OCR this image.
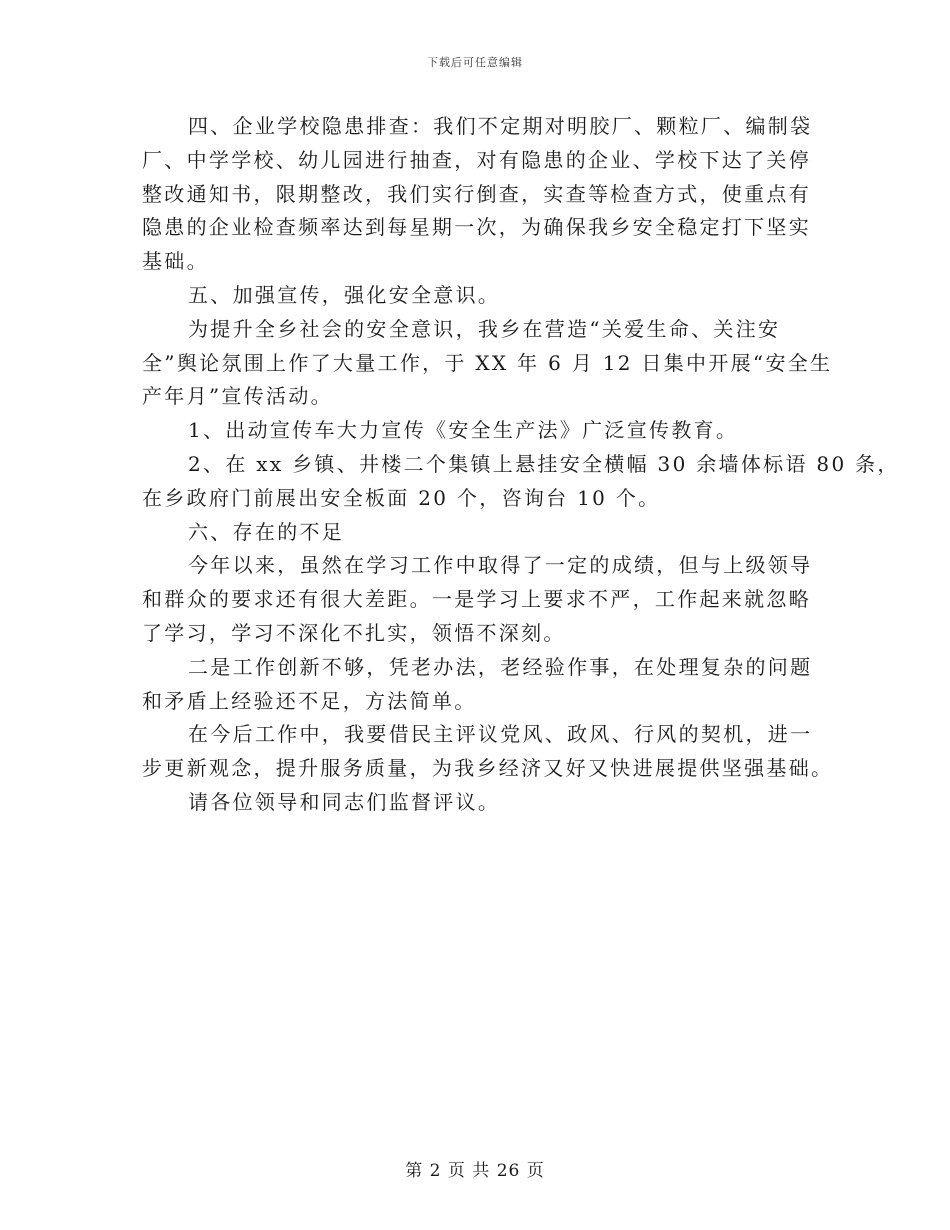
下载后可任意编辑
四、企业学校隐患排查：我们不定期对明胶厂、颗粒厂、编制袋
厂、中学学校、幼儿园进行抽查，对有隐患的企业、学校下达了关停
整改通知书，限期整改，我们实行倒查，实查等检查方式，使重点有
隐患的企业检查频率达到每星期一次，为确保我乡安全稳定打下坚实
基础。
五、加强宣传，强化安全意识。
为提升全乡社会的安全意识，我乡在营造“关爱生命、关注安
全”舆论氛围上作了大量工作，于 XX 年 6 月 12 日集中开展“安全生
产年月”宣传活动。
1、出动宣传车大力宣传《安全生产法》广泛宣传教育。
2、在 xx 乡镇、井楼二个集镇上悬挂安全横幅 30 余墙体标语 80 条，
在乡政府门前展出安全板面 20 个，咨询台 10 个。
六、存在的不足
今年以来，虽然在学习工作中取得了一定的成绩，但与上级领导
和群众的要求还有很大差距。一是学习上要求不严，工作起来就忽略
了学习，学习不深化不扎实，领悟不深刻。
二是工作创新不够，凭老办法，老经验作事，在处理复杂的问题
和矛盾上经验还不足，方法简单。
在今后工作中，我要借民主评议党风、政风、行风的契机，进一
步更新观念，提升服务质量，为我乡经济又好又快进展提供坚强基础。
请各位领导和同志们监督评议。
第 2 页 共 26 页
